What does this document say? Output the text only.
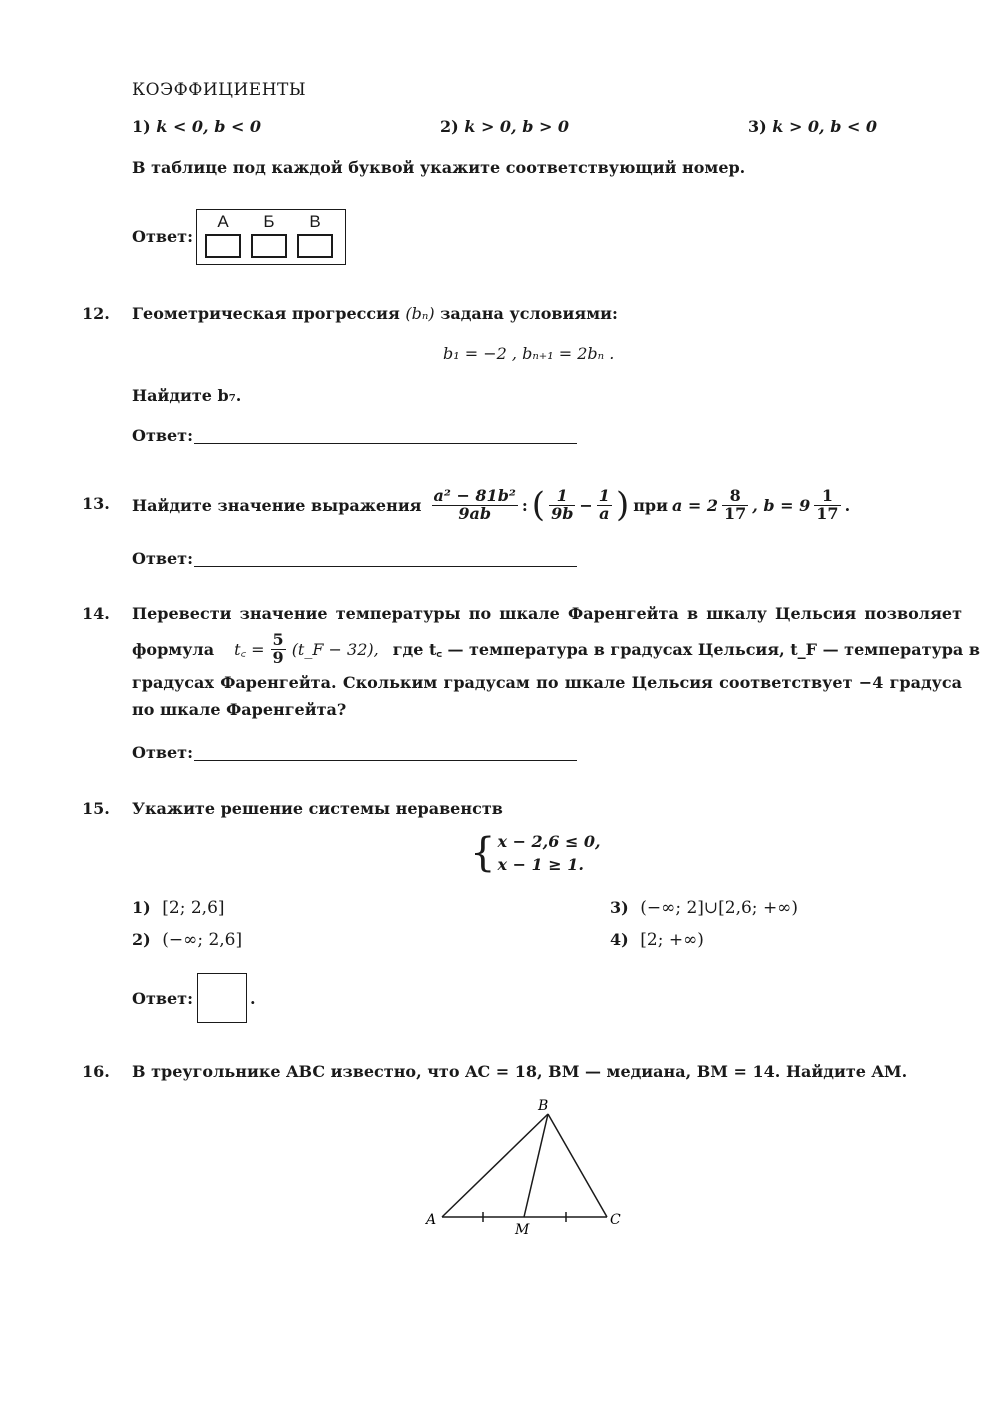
КОЭФФИЦИЕНТЫ
1) k < 0, b < 0	2) k > 0, b > 0	3) k > 0, b < 0
В таблице под каждой буквой укажите соответствующий номер.
Ответ:
А	Б	В
12. Геометрическая прогрессия (bₙ) задана условиями:
b₁ = −2 , bₙ₊₁ = 2bₙ .
Найдите b₇.
Ответ:
13. Найдите значение выражения $\frac{\text{a² − 81b²}}{9ab}$ : ( $\frac{1}{9b} - \frac{1}{a}$ ) при $a = 2 \frac{8}{17}$ , $b = 9 \frac{1}{17}$ .
Ответ:
14. Перевести значение температуры по шкале Фаренгейта в шкалу Цельсия позволяет
формула t꜀ = $\frac{5}{9}$ (t_F − 32), где t꜀ — температура в градусах Цельсия, t_F — температура в
градусах Фаренгейта. Скольким градусам по шкале Цельсия соответствует −4 градуса по шкале Фаренгейта?
Ответ:
15. Укажите решение системы неравенств
{ x − 2,6 ≤ 0,
x − 1 ≥ 1.
1) [2; 2,6]
2) (−∞; 2,6]
3) (−∞; 2]∪[2,6; +∞)
4) [2; +∞)
Ответ:	.
16. В треугольнике ABC известно, что AC = 18, BM — медиана, BM = 14. Найдите AM.
A
B
C
M
